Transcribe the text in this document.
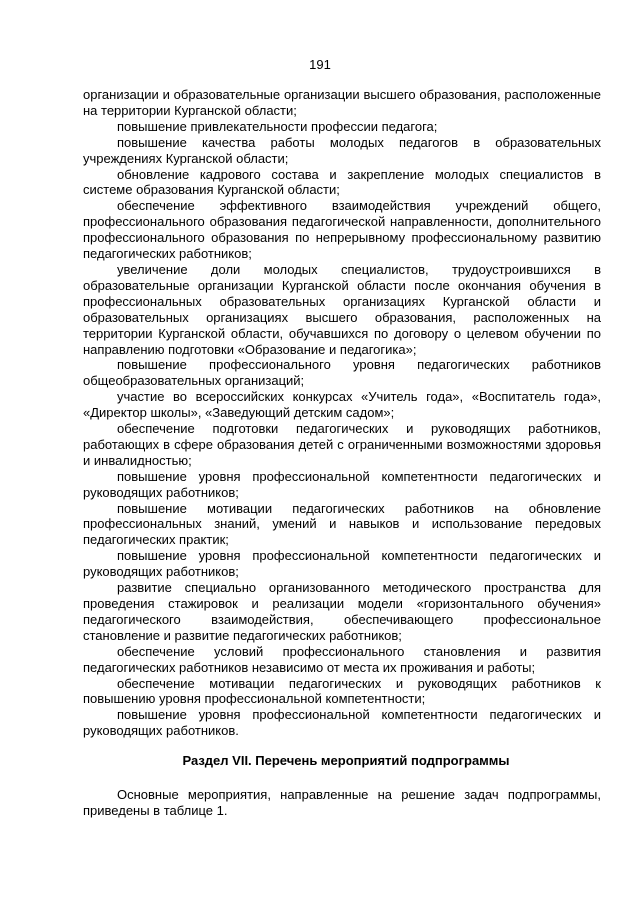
191

организации и образовательные организации высшего образования, расположенные на территории Курганской области;

повышение привлекательности профессии педагога;

повышение качества работы молодых педагогов в образовательных учреждениях Курганской области;

обновление кадрового состава и закрепление молодых специалистов в системе образования Курганской области;

обеспечение эффективного взаимодействия учреждений общего, профессионального образования педагогической направленности, дополнительного профессионального образования по непрерывному профессиональному развитию педагогических работников;

увеличение доли молодых специалистов, трудоустроившихся в образовательные организации Курганской области после окончания обучения в профессиональных образовательных организациях Курганской области и образовательных организациях высшего образования, расположенных на территории Курганской области, обучавшихся по договору о целевом обучении по направлению подготовки «Образование и педагогика»;

повышение профессионального уровня педагогических работников общеобразовательных организаций;

участие во всероссийских конкурсах «Учитель года», «Воспитатель года», «Директор школы», «Заведующий детским садом»;

обеспечение подготовки педагогических и руководящих работников, работающих в сфере образования детей с ограниченными возможностями здоровья и инвалидностью;

повышение уровня профессиональной компетентности педагогических и руководящих работников;

повышение мотивации педагогических работников на обновление профессиональных знаний, умений и навыков и использование передовых педагогических практик;

повышение уровня профессиональной компетентности педагогических и руководящих работников;

развитие специально организованного методического пространства для проведения стажировок и реализации модели «горизонтального обучения» педагогического взаимодействия, обеспечивающего профессиональное становление и развитие педагогических работников;

обеспечение условий профессионального становления и развития педагогических работников независимо от места их проживания и работы;

обеспечение мотивации педагогических и руководящих работников к повышению уровня профессиональной компетентности;

повышение уровня профессиональной компетентности педагогических и руководящих работников.

Раздел VII. Перечень мероприятий подпрограммы

Основные мероприятия, направленные на решение задач подпрограммы, приведены в таблице 1.
